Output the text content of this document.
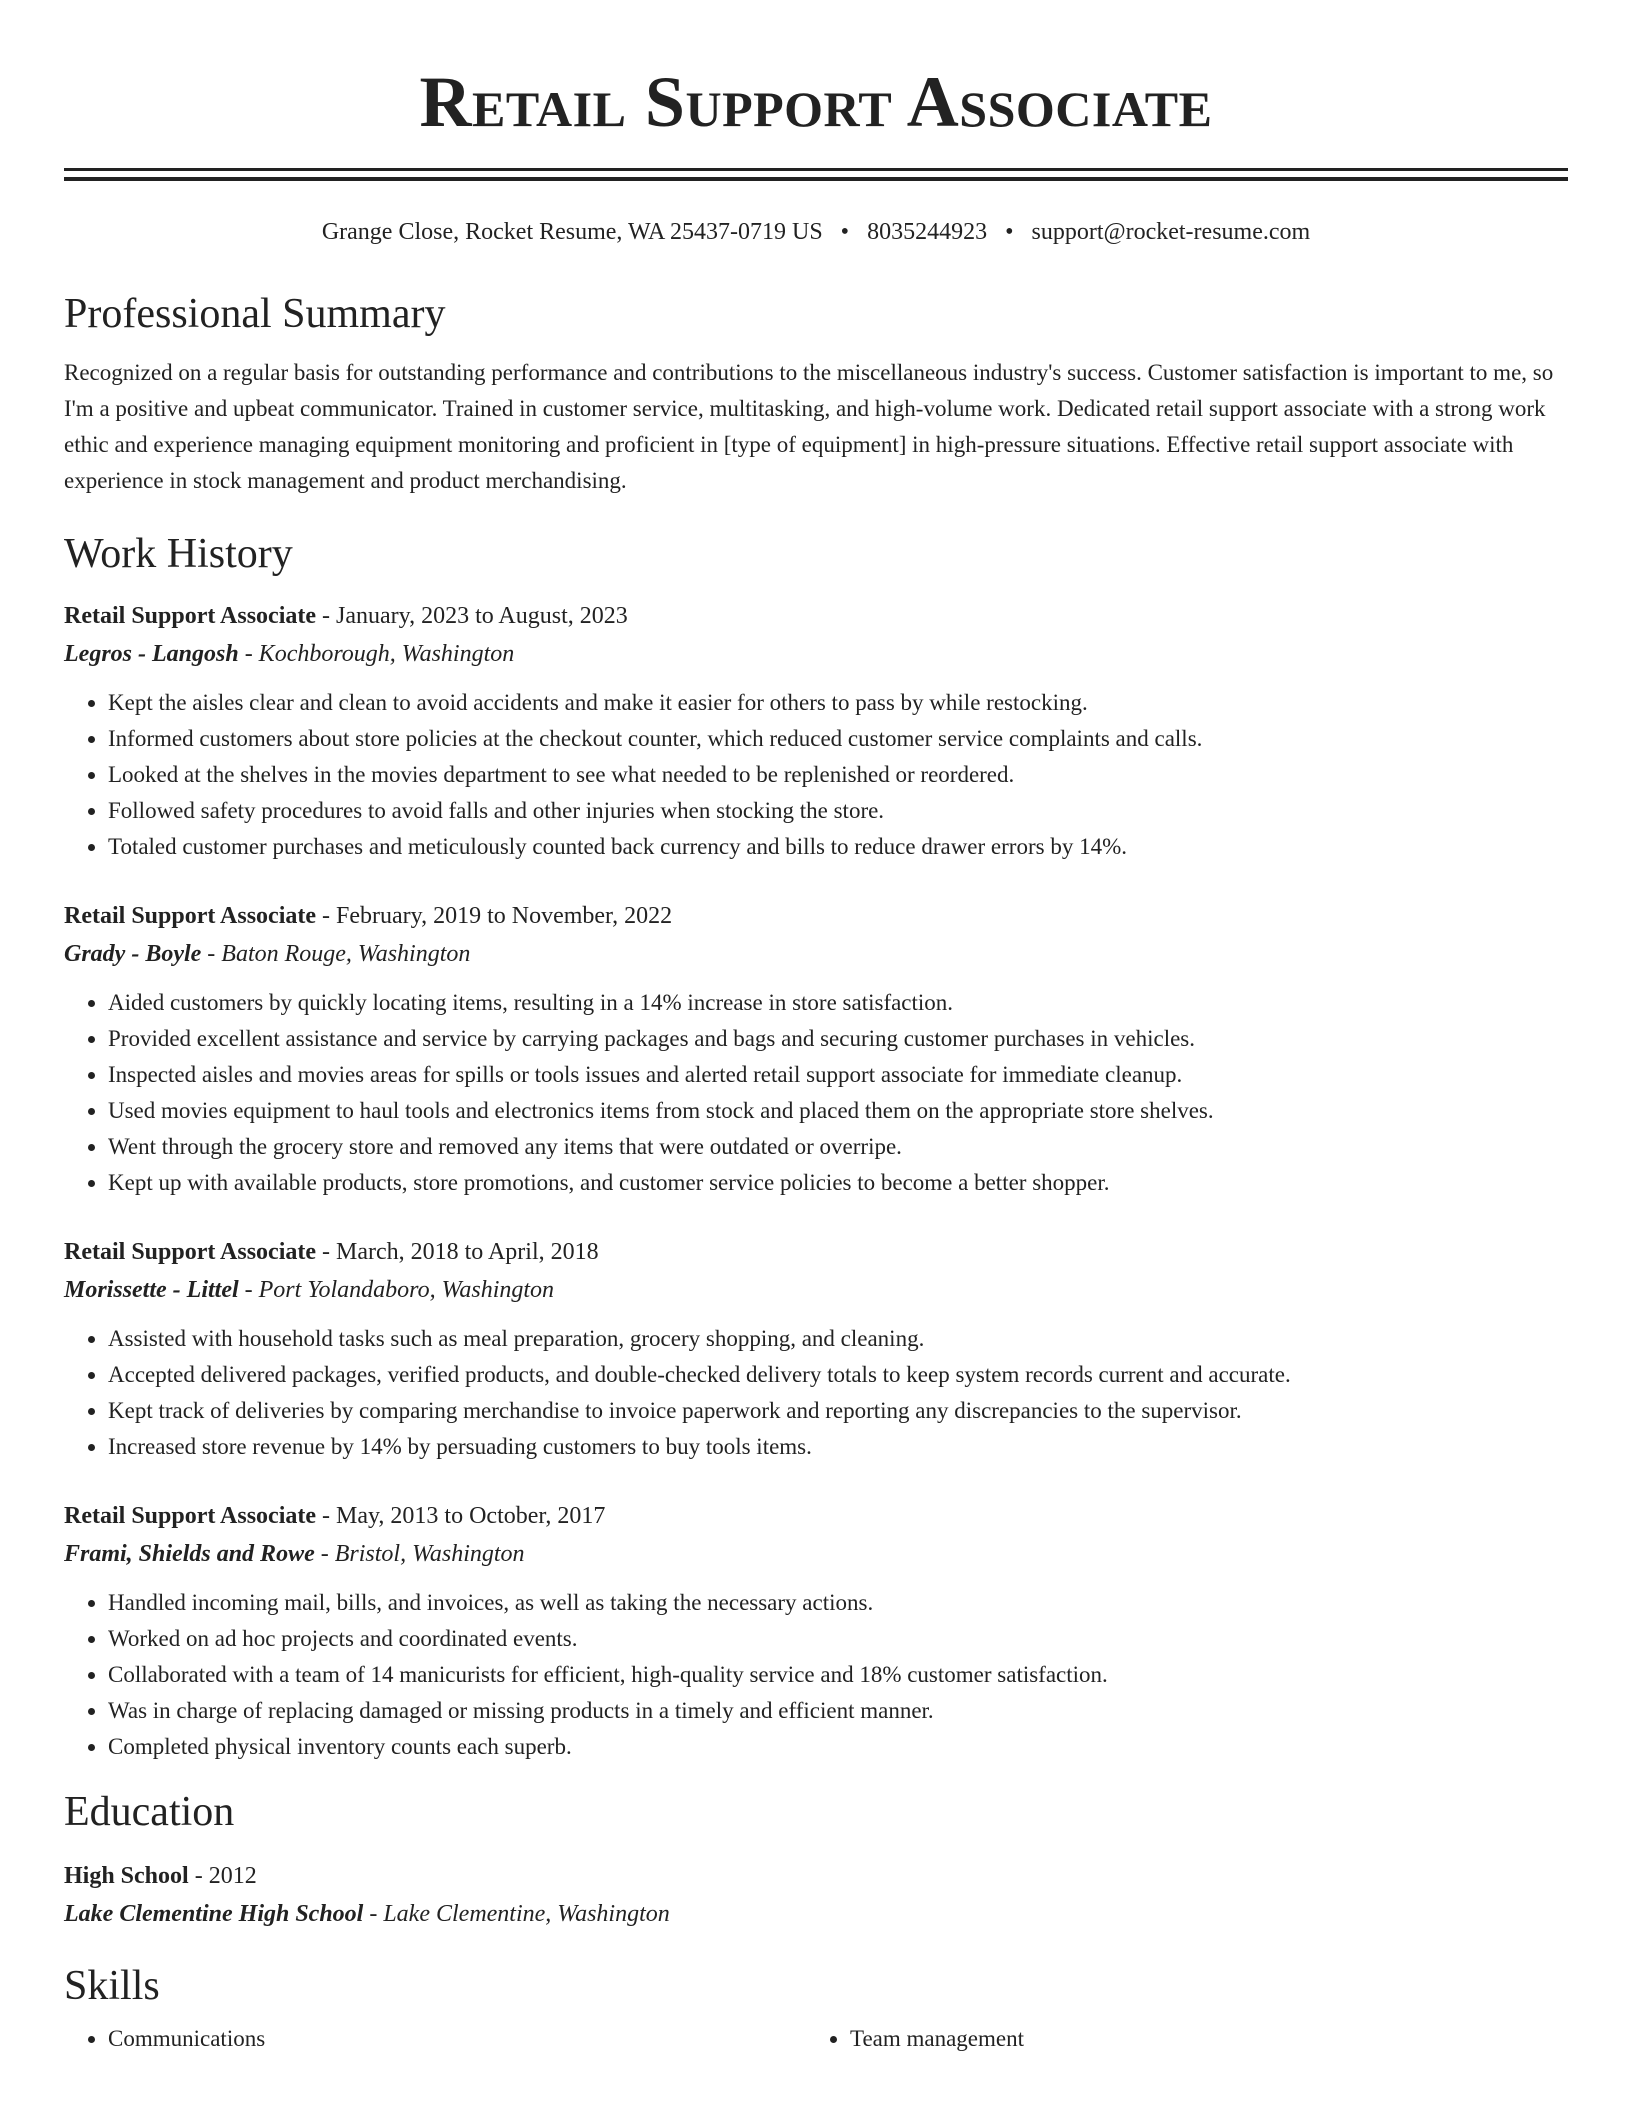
Retail Support Associate
Grange Close, Rocket Resume, WA 25437-0719 US • 8035244923 • support@rocket-resume.com
Professional Summary

Recognized on a regular basis for outstanding performance and contributions to the miscellaneous industry's success. Customer satisfaction is important to me, so I'm a positive and upbeat communicator. Trained in customer service, multitasking, and high-volume work. Dedicated retail support associate with a strong work ethic and experience managing equipment monitoring and proficient in [type of equipment] in high-pressure situations. Effective retail support associate with experience in stock management and product merchandising.

Work History
Retail Support Associate - January, 2023 to August, 2023
Legros - Langosh - Kochborough, Washington
• Kept the aisles clear and clean to avoid accidents and make it easier for others to pass by while restocking.
• Informed customers about store policies at the checkout counter, which reduced customer service complaints and calls.
• Looked at the shelves in the movies department to see what needed to be replenished or reordered.
• Followed safety procedures to avoid falls and other injuries when stocking the store.
• Totaled customer purchases and meticulously counted back currency and bills to reduce drawer errors by 14%.
Retail Support Associate - February, 2019 to November, 2022
Grady - Boyle - Baton Rouge, Washington
• Aided customers by quickly locating items, resulting in a 14% increase in store satisfaction.
• Provided excellent assistance and service by carrying packages and bags and securing customer purchases in vehicles.
• Inspected aisles and movies areas for spills or tools issues and alerted retail support associate for immediate cleanup.
• Used movies equipment to haul tools and electronics items from stock and placed them on the appropriate store shelves.
• Went through the grocery store and removed any items that were outdated or overripe.
• Kept up with available products, store promotions, and customer service policies to become a better shopper.
Retail Support Associate - March, 2018 to April, 2018
Morissette - Littel - Port Yolandaboro, Washington
• Assisted with household tasks such as meal preparation, grocery shopping, and cleaning.
• Accepted delivered packages, verified products, and double-checked delivery totals to keep system records current and accurate.
• Kept track of deliveries by comparing merchandise to invoice paperwork and reporting any discrepancies to the supervisor.
• Increased store revenue by 14% by persuading customers to buy tools items.
Retail Support Associate - May, 2013 to October, 2017
Frami, Shields and Rowe - Bristol, Washington
• Handled incoming mail, bills, and invoices, as well as taking the necessary actions.
• Worked on ad hoc projects and coordinated events.
• Collaborated with a team of 14 manicurists for efficient, high-quality service and 18% customer satisfaction.
• Was in charge of replacing damaged or missing products in a timely and efficient manner.
• Completed physical inventory counts each superb.
Education
High School - 2012
Lake Clementine High School - Lake Clementine, Washington
Skills
• Communications
•	Team management
